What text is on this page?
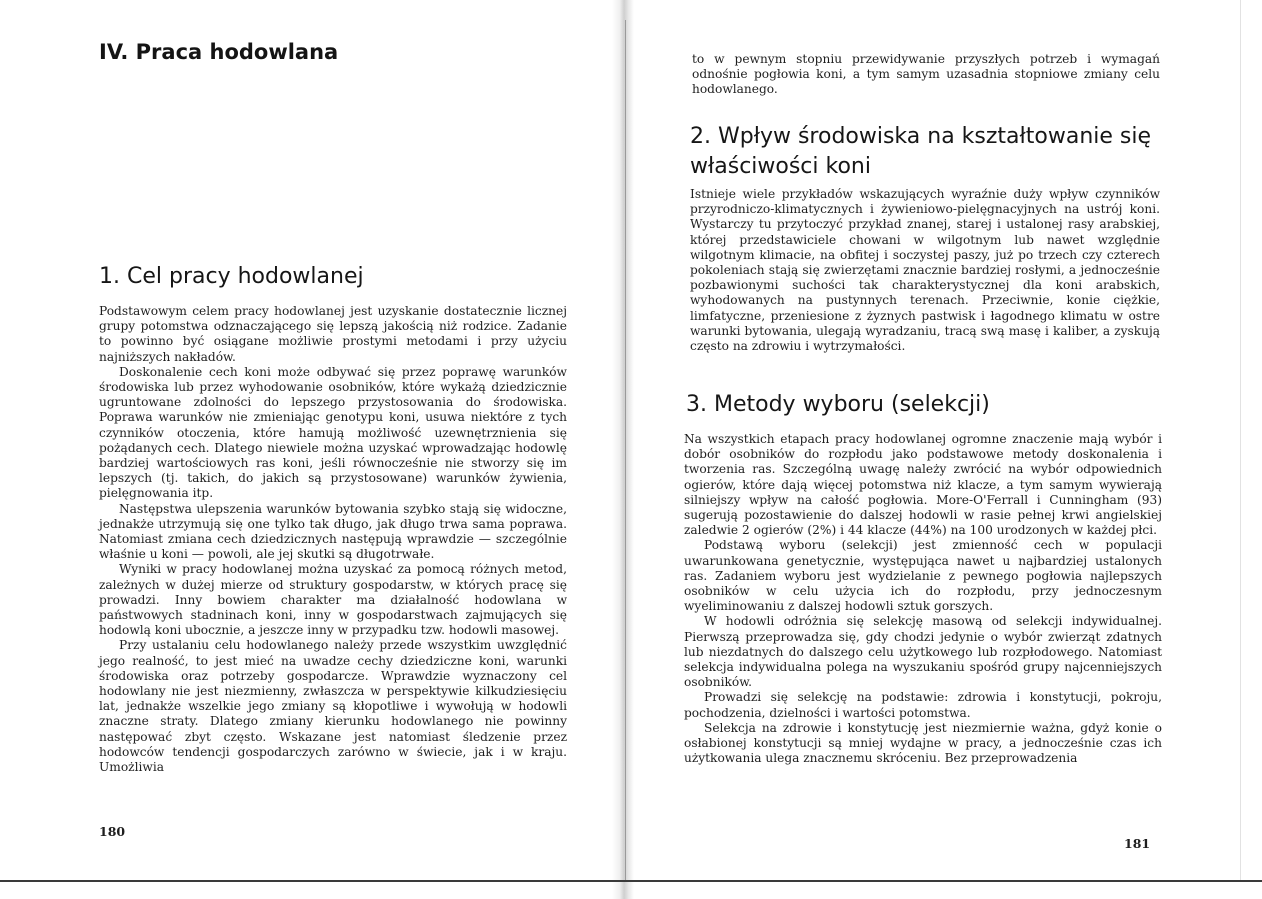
IV. Praca hodowlana
1. Cel pracy hodowlanej

Podstawowym celem pracy hodowlanej jest uzyskanie dostatecznie licznej grupy potomstwa odznaczającego się lepszą jakością niż rodzice. Zadanie to powinno być osiągane możliwie prostymi metodami i przy użyciu najniższych nakładów.

Doskonalenie cech koni może odbywać się przez poprawę warunków środowiska lub przez wyhodowanie osobników, które wykażą dziedzicznie ugruntowane zdolności do lepszego przystosowania do środowiska. Poprawa warunków nie zmieniając genotypu koni, usuwa niektóre z tych czynników otoczenia, które hamują możliwość uzewnętrznienia się pożądanych cech. Dlatego niewiele można uzyskać wprowadzając hodowlę bardziej wartościowych ras koni, jeśli równocześnie nie stworzy się im lepszych (tj. takich, do jakich są przystosowane) warunków żywienia, pielęgnowania itp.

Następstwa ulepszenia warunków bytowania szybko stają się widoczne, jednakże utrzymują się one tylko tak długo, jak długo trwa sama poprawa. Natomiast zmiana cech dziedzicznych następują wprawdzie — szczególnie właśnie u koni — powoli, ale jej skutki są długotrwałe.

Wyniki w pracy hodowlanej można uzyskać za pomocą różnych metod, zależnych w dużej mierze od struktury gospodarstw, w których pracę się prowadzi. Inny bowiem charakter ma działalność hodowlana w państwowych stadninach koni, inny w gospodarstwach zajmujących się hodowlą koni ubocznie, a jeszcze inny w przypadku tzw. hodowli masowej.

Przy ustalaniu celu hodowlanego należy przede wszystkim uwzględnić jego realność, to jest mieć na uwadze cechy dziedziczne koni, warunki środowiska oraz potrzeby gospodarcze. Wprawdzie wyznaczony cel hodowlany nie jest niezmienny, zwłaszcza w perspektywie kilkudziesięciu lat, jednakże wszelkie jego zmiany są kłopotliwe i wywołują w hodowli znaczne straty. Dlatego zmiany kierunku hodowlanego nie powinny następować zbyt często. Wskazane jest natomiast śledzenie przez hodowców tendencji gospodarczych zarówno w świecie, jak i w kraju. Umożliwia

180

to w pewnym stopniu przewidywanie przyszłych potrzeb i wymagań odnośnie pogłowia koni, a tym samym uzasadnia stopniowe zmiany celu hodowlanego.

2. Wpływ środowiska na kształtowanie się właściwości koni

Istnieje wiele przykładów wskazujących wyraźnie duży wpływ czynników przyrodniczo-klimatycznych i żywieniowo-pielęgnacyjnych na ustrój koni. Wystarczy tu przytoczyć przykład znanej, starej i ustalonej rasy arabskiej, której przedstawiciele chowani w wilgotnym lub nawet względnie wilgotnym klimacie, na obfitej i soczystej paszy, już po trzech czy czterech pokoleniach stają się zwierzętami znacznie bardziej rosłymi, a jednocześnie pozbawionymi suchości tak charakterystycznej dla koni arabskich, wyhodowanych na pustynnych terenach. Przeciwnie, konie ciężkie, limfatyczne, przeniesione z żyznych pastwisk i łagodnego klimatu w ostre warunki bytowania, ulegają wyradzaniu, tracą swą masę i kaliber, a zyskują często na zdrowiu i wytrzymałości.

3. Metody wyboru (selekcji)

Na wszystkich etapach pracy hodowlanej ogromne znaczenie mają wybór i dobór osobników do rozpłodu jako podstawowe metody doskonalenia i tworzenia ras. Szczególną uwagę należy zwrócić na wybór odpowiednich ogierów, które dają więcej potomstwa niż klacze, a tym samym wywierają silniejszy wpływ na całość pogłowia. More-O'Ferrall i Cunningham (93) sugerują pozostawienie do dalszej hodowli w rasie pełnej krwi angielskiej zaledwie 2 ogierów (2%) i 44 klacze (44%) na 100 urodzonych w każdej płci.

Podstawą wyboru (selekcji) jest zmienność cech w populacji uwarunkowana genetycznie, występująca nawet u najbardziej ustalonych ras. Zadaniem wyboru jest wydzielanie z pewnego pogłowia najlepszych osobników w celu użycia ich do rozpłodu, przy jednoczesnym wyeliminowaniu z dalszej hodowli sztuk gorszych.

W hodowli odróżnia się selekcję masową od selekcji indywidualnej. Pierwszą przeprowadza się, gdy chodzi jedynie o wybór zwierząt zdatnych lub niezdatnych do dalszego celu użytkowego lub rozpłodowego. Natomiast selekcja indywidualna polega na wyszukaniu spośród grupy najcenniejszych osobników.

Prowadzi się selekcję na podstawie: zdrowia i konstytucji, pokroju, pochodzenia, dzielności i wartości potomstwa.

Selekcja na zdrowie i konstytucję jest niezmiernie ważna, gdyż konie o osłabionej konstytucji są mniej wydajne w pracy, a jednocześnie czas ich użytkowania ulega znacznemu skróceniu. Bez przeprowadzenia

181
